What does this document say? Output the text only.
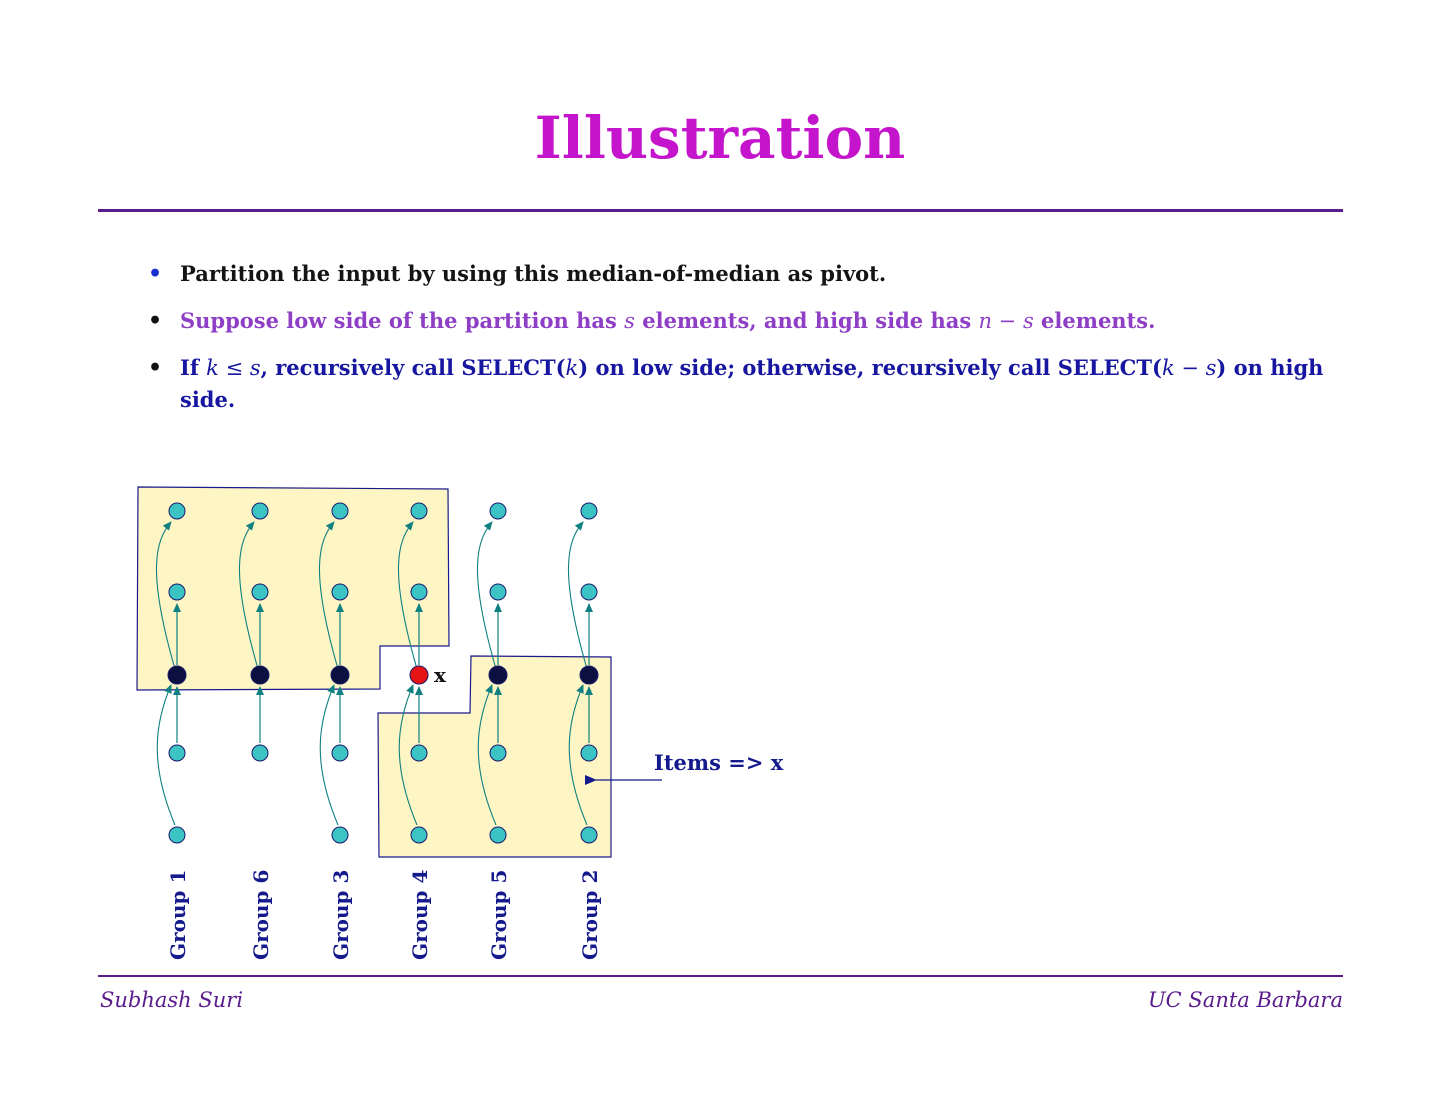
Illustration
• Partition the input by using this median-of-median as pivot.
• Suppose low side of the partition has s elements, and high side has n − s elements.
• If k ≤ s, recursively call SELECT(k) on low side; otherwise, recursively call SELECT(k − s) on high side.
x
Items => x
Group 1	Group 6	Group 3	Group 4	Group 5	Group 2
Subhash Suri	UC Santa Barbara
